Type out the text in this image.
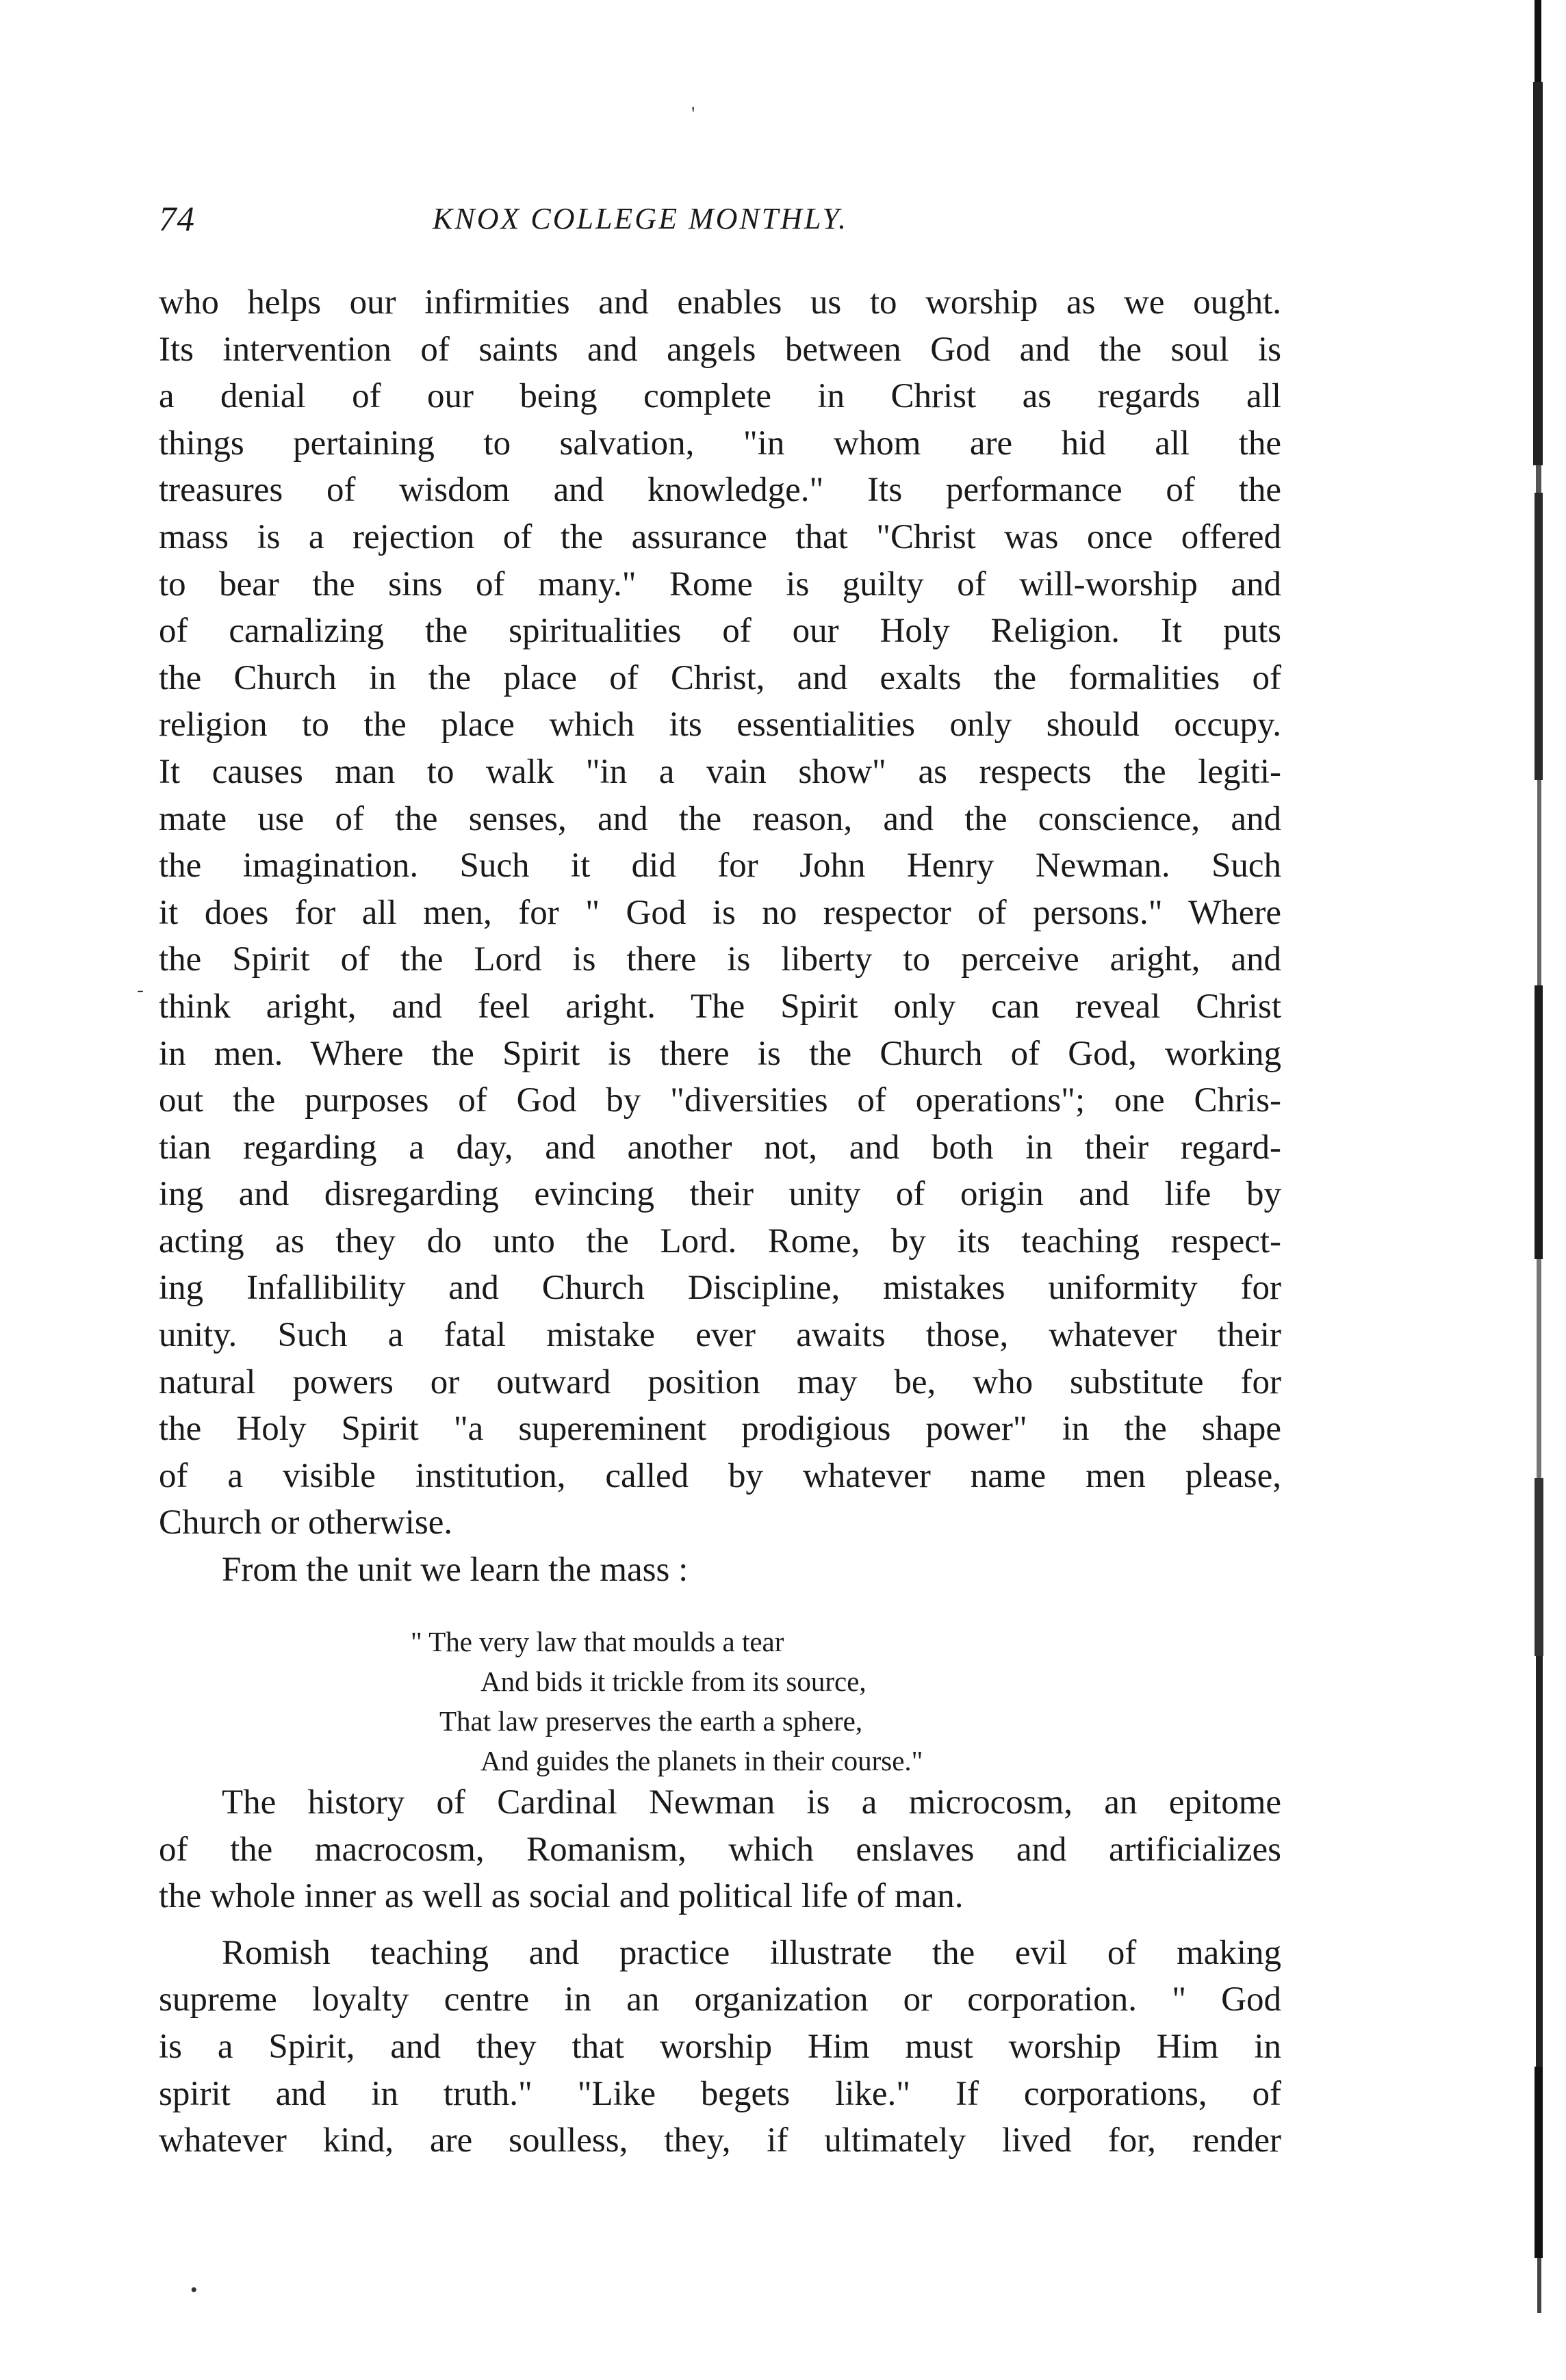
'
74	KNOX COLLEGE MONTHLY.
who helps our infirmities and enables us to worship as we ought.
Its intervention of saints and angels between God and the soul is
a denial of our being complete in Christ as regards all
things pertaining to salvation, "in whom are hid all the
treasures of wisdom and knowledge." Its performance of the
mass is a rejection of the assurance that "Christ was once offered
to bear the sins of many." Rome is guilty of will-worship and
of carnalizing the spiritualities of our Holy Religion. It puts
the Church in the place of Christ, and exalts the formalities of
religion to the place which its essentialities only should occupy.
It causes man to walk "in a vain show" as respects the legiti-
mate use of the senses, and the reason, and the conscience, and
the imagination. Such it did for John Henry Newman. Such
it does for all men, for " God is no respector of persons." Where
the Spirit of the Lord is there is liberty to perceive aright, and
think aright, and feel aright. The Spirit only can reveal Christ
in men. Where the Spirit is there is the Church of God, working
out the purposes of God by "diversities of operations"; one Chris-
tian regarding a day, and another not, and both in their regard-
ing and disregarding evincing their unity of origin and life by
acting as they do unto the Lord. Rome, by its teaching respect-
ing Infallibility and Church Discipline, mistakes uniformity for
unity. Such a fatal mistake ever awaits those, whatever their
natural powers or outward position may be, who substitute for
the Holy Spirit "a supereminent prodigious power" in the shape
of a visible institution, called by whatever name men please,
Church or otherwise.
From the unit we learn the mass :
" The very law that moulds a tear
And bids it trickle from its source,
That law preserves the earth a sphere,
And guides the planets in their course."
The history of Cardinal Newman is a microcosm, an epitome
of the macrocosm, Romanism, which enslaves and artificializes
the whole inner as well as social and political life of man.
Romish teaching and practice illustrate the evil of making
supreme loyalty centre in an organization or corporation. " God
is a Spirit, and they that worship Him must worship Him in
spirit and in truth." "Like begets like." If corporations, of
whatever kind, are soulless, they, if ultimately lived for, render
-
•
